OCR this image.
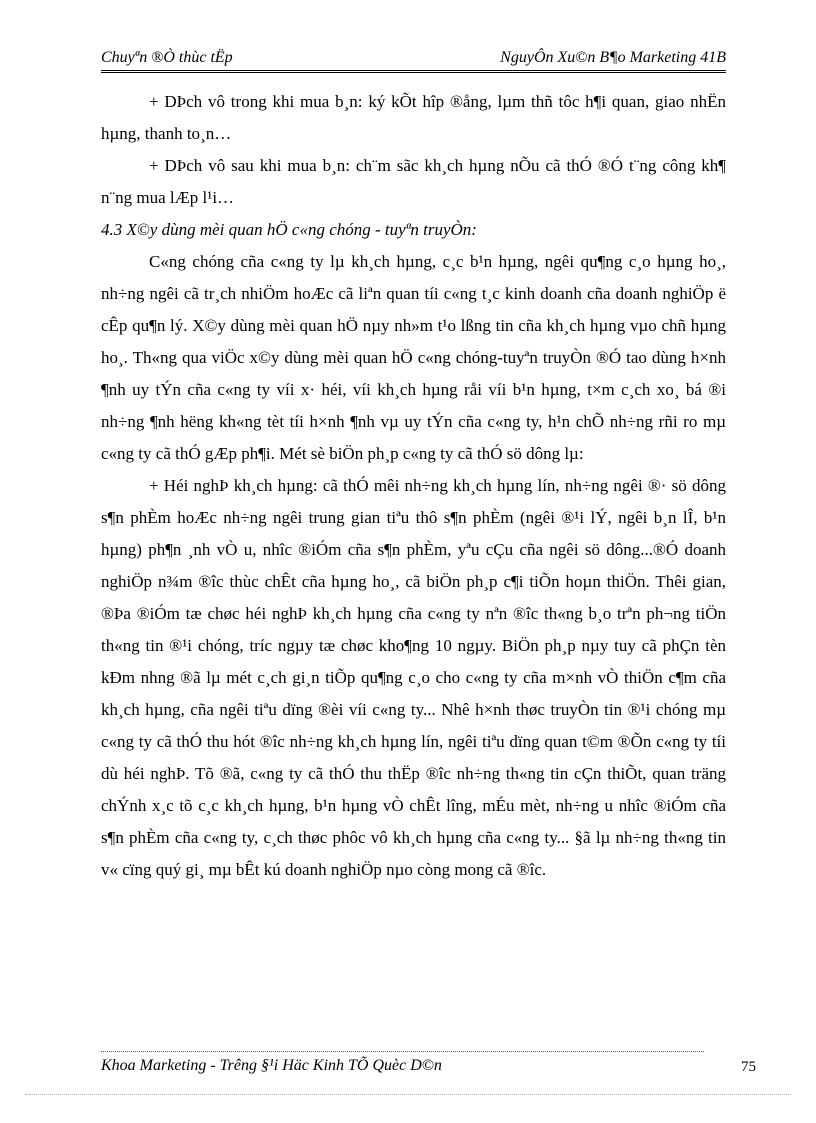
Chuyªn ®Ò thùc tËp	NguyÔn Xu©n B¶o Marketing 41B

+ DÞch vô trong khi mua b¸n: ký kÕt hîp ®ång, lµm thñ tôc h¶i quan, giao nhËn hµng, thanh to¸n…

+ DÞch vô sau khi mua b¸n: ch¨m sãc kh¸ch hµng nÕu cã thÓ ®Ó t¨ng công kh¶ n¨ng mua lÆp l¹i…

4.3 X©y dùng mèi quan hÖ c«ng chóng - tuyªn truyÒn:

C«ng chóng cña c«ng ty lµ kh¸ch hµng, c¸c b¹n hµng, ngêi qu¶ng c¸o hµng ho¸, nh÷ng ngêi cã tr¸ch nhiÖm hoÆc cã liªn quan tíi c«ng t¸c kinh doanh cña doanh nghiÖp ë cÊp qu¶n lý. X©y dùng mèi quan hÖ nµy nh»m t¹o lßng tin cña kh¸ch hµng vµo chñ hµng ho¸. Th«ng qua viÖc x©y dùng mèi quan hÖ c«ng chóng-tuyªn truyÒn ®Ó tao dùng h×nh ¶nh uy tÝn cña c«ng ty víi x· héi, víi kh¸ch hµng råi víi b¹n hµng, t×m c¸ch xo¸ bá ®i nh÷ng ¶nh hëng kh«ng tèt tíi h×nh ¶nh vµ uy tÝn cña c«ng ty, h¹n chÕ nh÷ng rñi ro mµ c«ng ty cã thÓ gÆp ph¶i. Mét sè biÖn ph¸p c«ng ty cã thÓ sö dông lµ:

+ Héi nghÞ kh¸ch hµng: cã thÓ mêi nh÷ng kh¸ch hµng lín, nh÷ng ngêi ®· sö dông s¶n phÈm hoÆc nh÷ng ngêi trung gian tiªu thô s¶n phÈm (ngêi ®¹i lÝ, ngêi b¸n lÎ, b¹n hµng) ph¶n ¸nh vÒ u, nhîc ®iÓm cña s¶n phÈm, yªu cÇu cña ngêi sö dông...®Ó doanh nghiÖp n¾m ®îc thùc chÊt cña hµng ho¸, cã biÖn ph¸p c¶i tiÕn hoµn thiÖn. Thêi gian, ®Þa ®iÓm tæ chøc héi nghÞ kh¸ch hµng cña c«ng ty nªn ®îc th«ng b¸o trªn ph¬ng tiÖn th«ng tin ®¹i chóng, tríc ngµy tæ chøc kho¶ng 10 ngµy. BiÖn ph¸p nµy tuy cã phÇn tèn kÐm nhng ®ã lµ mét c¸ch gi¸n tiÕp qu¶ng c¸o cho c«ng ty cña m×nh vÒ thiÖn c¶m cña kh¸ch hµng, cña ngêi tiªu dïng ®èi víi c«ng ty... Nhê h×nh thøc truyÒn tin ®¹i chóng mµ c«ng ty cã thÓ thu hót ®îc nh÷ng kh¸ch hµng lín, ngêi tiªu dïng quan t©m ®Õn c«ng ty tíi dù héi nghÞ. Tõ ®ã, c«ng ty cã thÓ thu thËp ®îc nh÷ng th«ng tin cÇn thiÕt, quan träng chÝnh x¸c tõ c¸c kh¸ch hµng, b¹n hµng vÒ chÊt lîng, mÉu mèt, nh÷ng u nhîc ®iÓm cña s¶n phÈm cña c«ng ty, c¸ch thøc phôc vô kh¸ch hµng cña c«ng ty... §ã lµ nh÷ng th«ng tin v« cïng quý gi¸ mµ bÊt kú doanh nghiÖp nµo còng mong cã ®îc.

Khoa Marketing - Trêng §¹i Häc Kinh TÕ Quèc D©n	75
